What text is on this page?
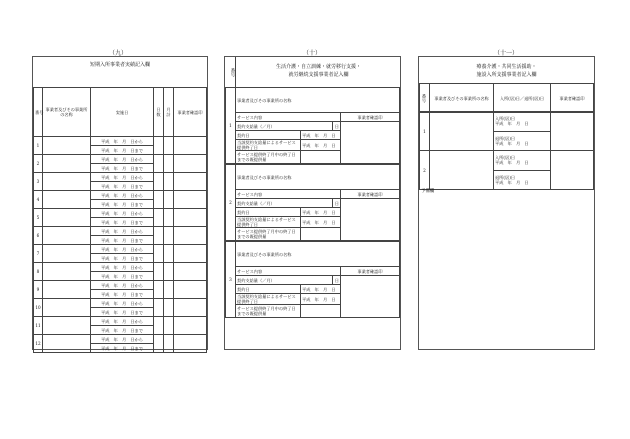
（九）
短期入所事業者実績記入欄
番号	事業者及びその事業所の名称	実施日	日数	月計	事業者確認印
1		平成　年　月　日から			
		平成　年　月　日まで			
2		平成　年　月　日から			
		平成　年　月　日まで			
3		平成　年　月　日から			
		平成　年　月　日まで			
4		平成　年　月　日から			
		平成　年　月　日まで			
5		平成　年　月　日から			
		平成　年　月　日まで			
6		平成　年　月　日から			
		平成　年　月　日まで			
7		平成　年　月　日から			
		平成　年　月　日まで			
8		平成　年　月　日から			
		平成　年　月　日まで			
9		平成　年　月　日から			
		平成　年　月　日まで			
10		平成　年　月　日から			
		平成　年　月　日まで			
11		平成　年　月　日から			
		平成　年　月　日まで			
12		平成　年　月　日から			
		平成　年　月　日まで			
（十）
生活介護・自立訓練・就労移行支援・
就労継続支援事業者記入欄
番号
1	事業者及びその事業所の名称			
	サービス内容			事業者確認印
	契約支給量（／月）		日	
	契約日	平成　年　月　日		
	当該契約支給量によるサービス提供終了日	平成　年　月　日		
	サービス提供終了月中の終了日までの既提供量			
2	事業者及びその事業所の名称			
	サービス内容			事業者確認印
	契約支給量（／月）		日	
	契約日	平成　年　月　日		
	当該契約支給量によるサービス提供終了日	平成　年　月　日		
	サービス提供終了月中の終了日までの既提供量			
3	事業者及びその事業所の名称			
	サービス内容			事業者確認印
	契約支給量（／月）		日	
	契約日	平成　年　月　日		
	当該契約支給量によるサービス提供終了日	平成　年　月　日		
	サービス提供終了月中の終了日までの既提供量			
（十一）
療養介護・共同生活援助・
施設入所支援事業者記入欄
番号	事業者及びその事業所の名称	入所(居)日／退所(居)日	事業者確認印
1		入所(居)日
平成　年　月　日	
		退所(居)日
平成　年　月　日	
2		入所(居)日
平成　年　月　日	
		退所(居)日
平成　年　月　日	
予備欄
